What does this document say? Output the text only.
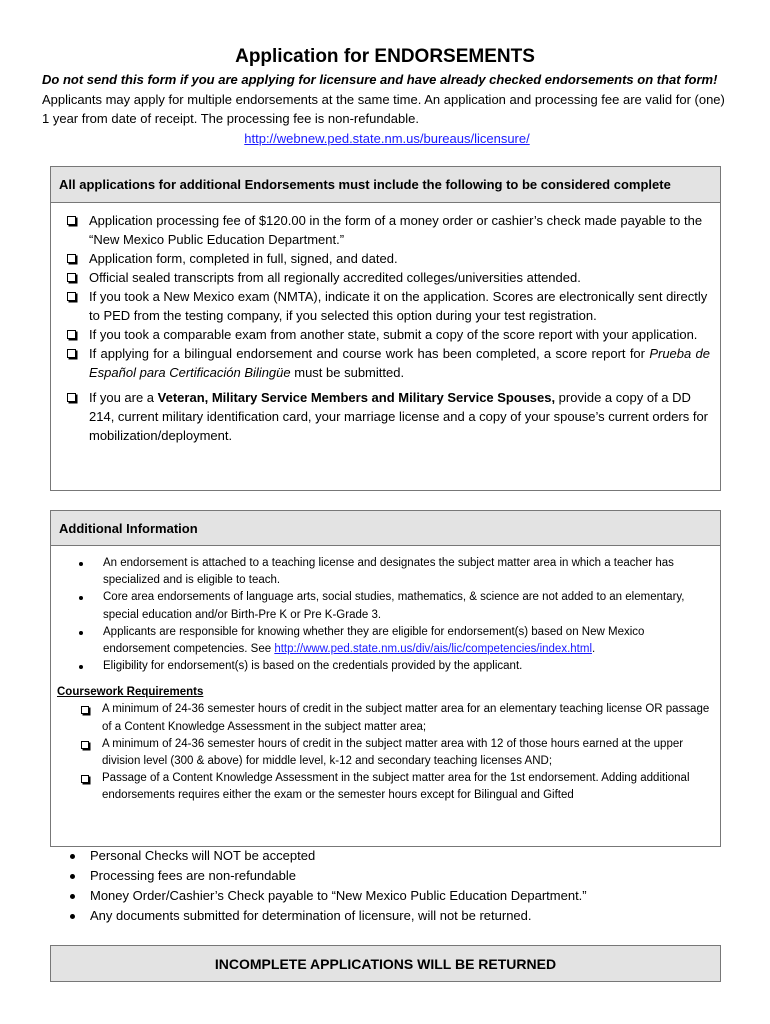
Application for ENDORSEMENTS
Do not send this form if you are applying for licensure and have already checked endorsements on that form! Applicants may apply for multiple endorsements at the same time. An application and processing fee are valid for (one) 1 year from date of receipt. The processing fee is non-refundable.
http://webnew.ped.state.nm.us/bureaus/licensure/
All applications for additional Endorsements must include the following to be considered complete
Application processing fee of $120.00 in the form of a money order or cashier’s check made payable to the “New Mexico Public Education Department.”
Application form, completed in full, signed, and dated.
Official sealed transcripts from all regionally accredited colleges/universities attended.
If you took a New Mexico exam (NMTA), indicate it on the application. Scores are electronically sent directly to PED from the testing company, if you selected this option during your test registration.
If you took a comparable exam from another state, submit a copy of the score report with your application.
If applying for a bilingual endorsement and course work has been completed, a score report for Prueba de Español para Certificación Bilingüe must be submitted.
If you are a Veteran, Military Service Members and Military Service Spouses, provide a copy of a DD 214, current military identification card, your marriage license and a copy of your spouse’s current orders for mobilization/deployment.
Additional Information
An endorsement is attached to a teaching license and designates the subject matter area in which a teacher has specialized and is eligible to teach.
Core area endorsements of language arts, social studies, mathematics, & science are not added to an elementary, special education and/or Birth-Pre K or Pre K-Grade 3.
Applicants are responsible for knowing whether they are eligible for endorsement(s) based on New Mexico endorsement competencies. See http://www.ped.state.nm.us/div/ais/lic/competencies/index.html.
Eligibility for endorsement(s) is based on the credentials provided by the applicant.
Coursework Requirements
A minimum of 24-36 semester hours of credit in the subject matter area for an elementary teaching license OR passage of a Content Knowledge Assessment in the subject matter area;
A minimum of 24-36 semester hours of credit in the subject matter area with 12 of those hours earned at the upper division level (300 & above) for middle level, k-12 and secondary teaching licenses AND;
Passage of a Content Knowledge Assessment in the subject matter area for the 1st endorsement. Adding additional endorsements requires either the exam or the semester hours except for Bilingual and Gifted
Personal Checks will NOT be accepted
Processing fees are non-refundable
Money Order/Cashier’s Check payable to “New Mexico Public Education Department.”
Any documents submitted for determination of licensure, will not be returned.
INCOMPLETE APPLICATIONS WILL BE RETURNED
